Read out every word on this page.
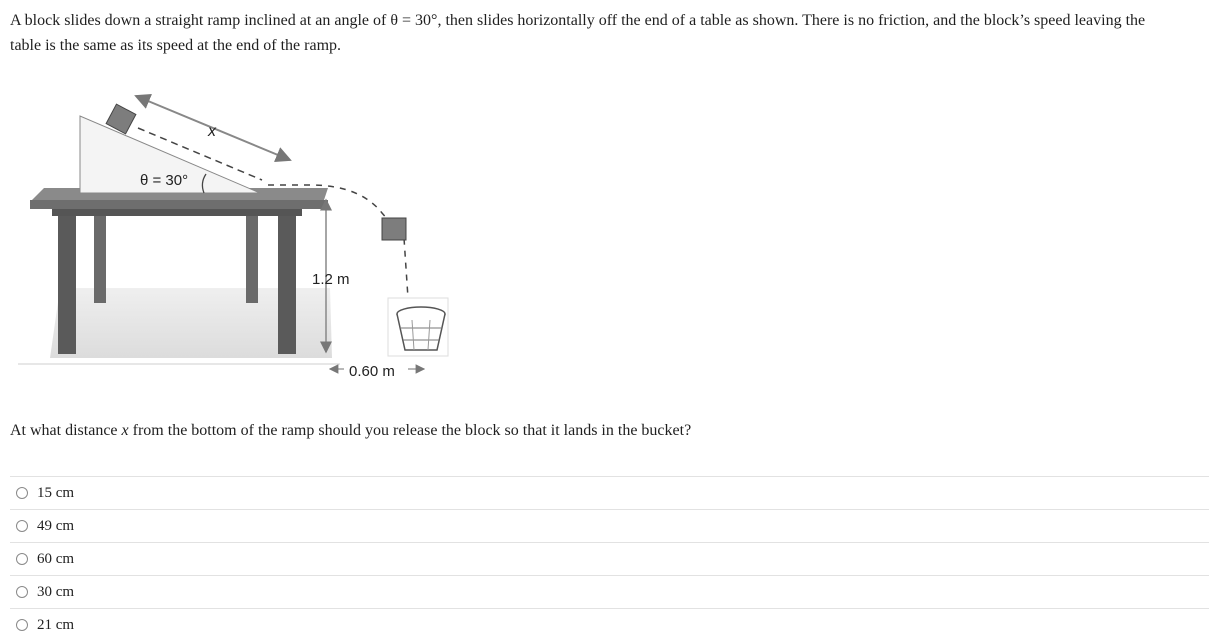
A block slides down a straight ramp inclined at an angle of θ = 30°, then slides horizontally off the end of a table as shown. There is no friction, and the block’s speed leaving the
table is the same as its speed at the end of the ramp.
x
θ = 30°
1.2 m
0.60 m
At what distance x from the bottom of the ramp should you release the block so that it lands in the bucket?
15 cm
49 cm
60 cm
30 cm
21 cm
